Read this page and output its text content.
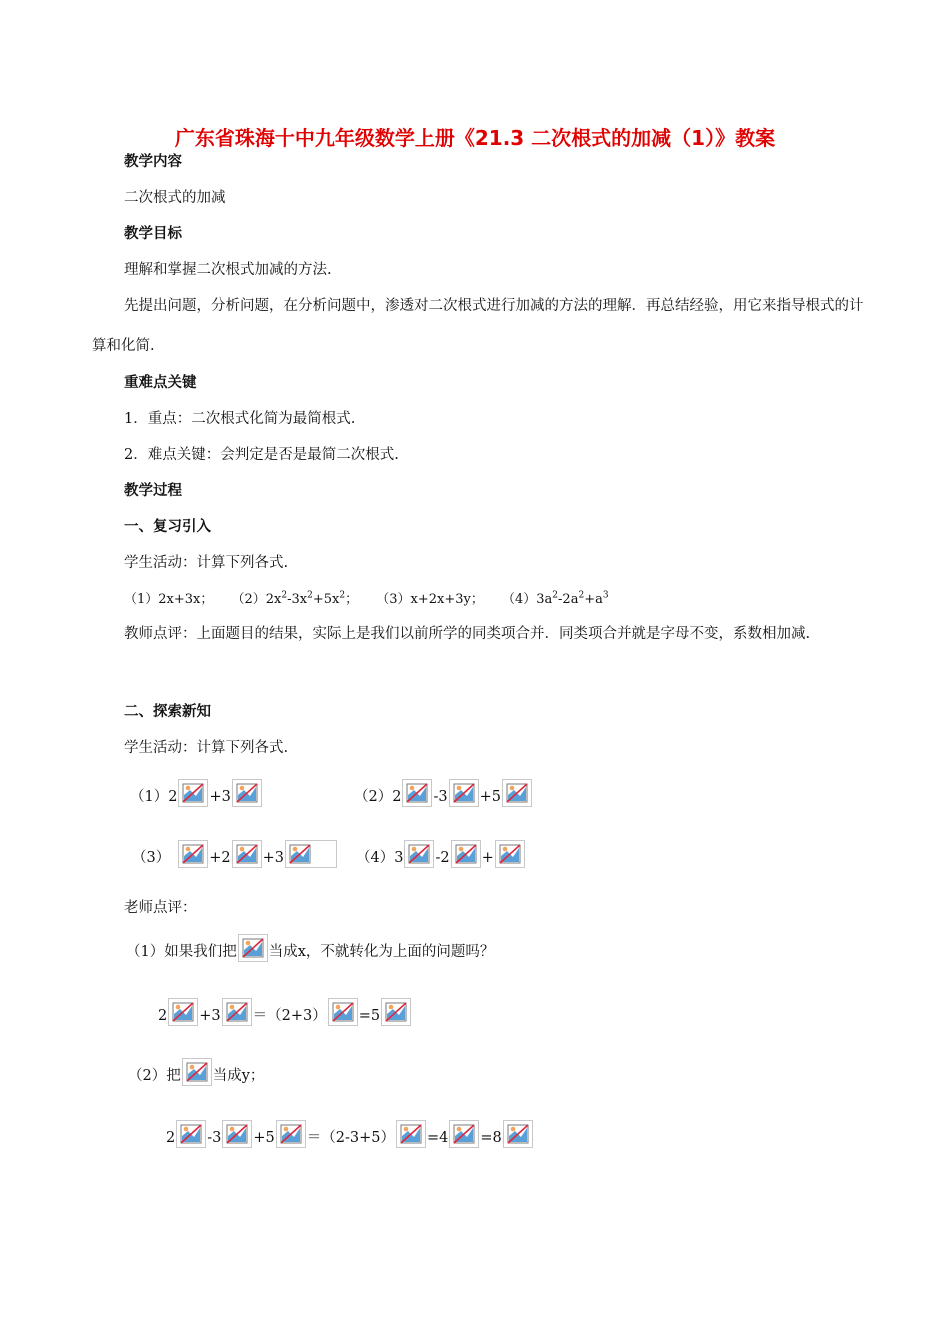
广东省珠海十中九年级数学上册《21.3 二次根式的加减（1）》教案
教学内容
二次根式的加减
教学目标
理解和掌握二次根式加减的方法.
先提出问题，分析问题，在分析问题中，渗透对二次根式进行加减的方法的理解．再总结经验，用它来指导根式的计算和化简.
重难点关键
1．重点：二次根式化简为最简根式.
2．难点关键：会判定是否是最简二次根式.
教学过程
一、复习引入
学生活动：计算下列各式.
（1）2x+3x； $(2)2x^2-3x^2+5x^2$； （3）x+2x+3y； $(4)3a^2-2a^2+a^3$
教师点评：上面题目的结果，实际上是我们以前所学的同类项合并．同类项合并就是字母不变，系数相加减.
二、探索新知
学生活动：计算下列各式.
（1）2 +3	（2）2 -3 +5
（3）	+2 +3	（4）3 -2 +
老师点评：
（1）如果我们把 当成x，不就转化为上面的问题吗？
2 +3 ＝（2+3） =5
（2）把 当成y；
2 -3 +5 ＝（2-3+5） =4 =8
